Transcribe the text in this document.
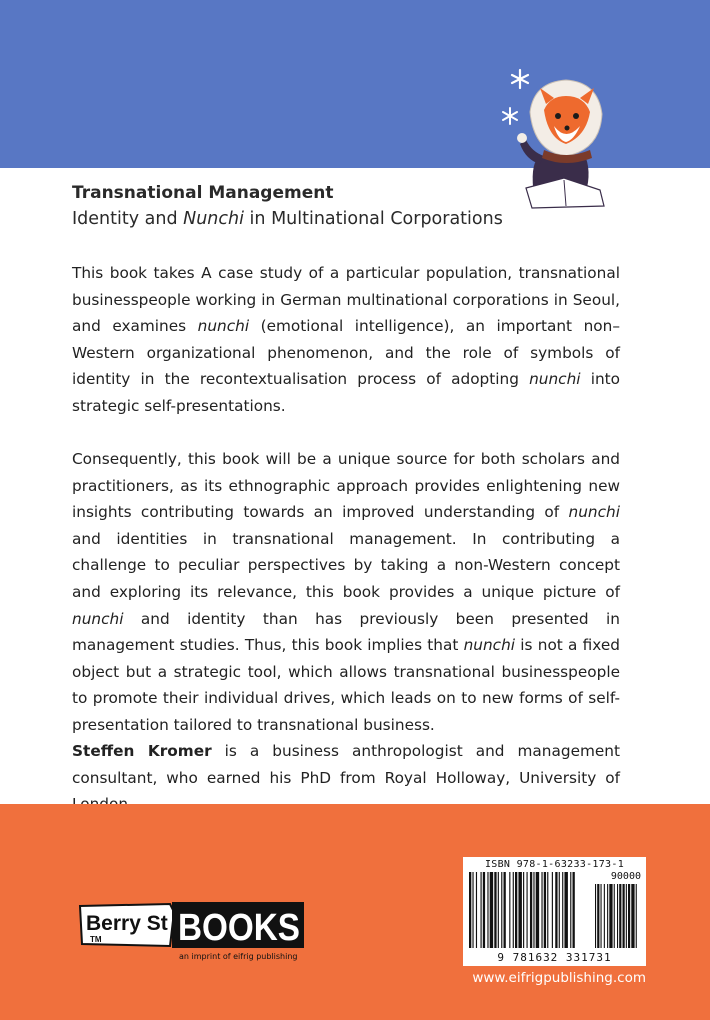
Transnational Management

Identity and Nunchi in Multinational Corporations

This book takes A case study of a particular population, transnational businesspeople working in German multinational corporations in Seoul, and examines nunchi (emotional intelligence), an important non–Western organizational phenomenon, and the role of symbols of identity in the recontextualisation process of adopting nunchi into strategic self-presentations.

Consequently, this book will be a unique source for both scholars and practitioners, as its ethnographic approach provides enlightening new insights contributing towards an improved understanding of nunchi and identities in transnational management. In contributing a challenge to peculiar perspectives by taking a non-Western concept and exploring its relevance, this book provides a unique picture of nunchi and identity than has previously been presented in management studies. Thus, this book implies that nunchi is not a fixed object but a strategic tool, which allows transnational businesspeople to promote their individual drives, which leads on to new forms of self-presentation tailored to transnational business.

Steffen Kromer is a business anthropologist and management consultant, who earned his PhD from Royal Holloway, University of

Berry St
TM BOOKS
an imprint of eifrig publishing
ISBN 978-1-63233-173-1
90000
9 781632 331731
www.eifrigpublishing.com
